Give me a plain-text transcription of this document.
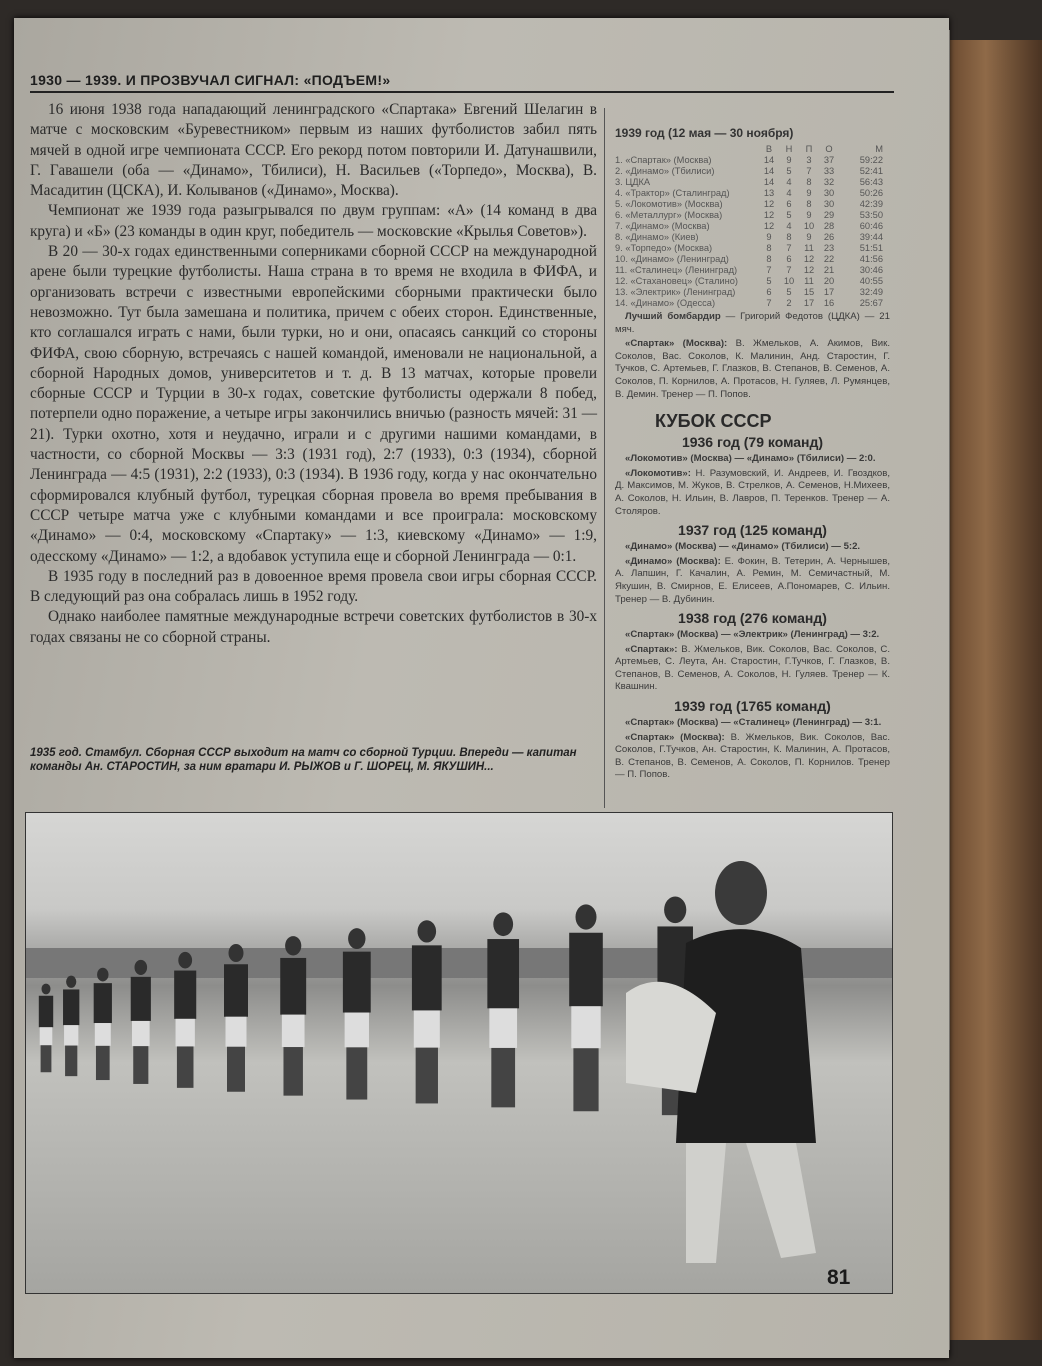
1930 — 1939. И ПРОЗВУЧАЛ СИГНАЛ: «ПОДЪЕМ!»

16 июня 1938 года нападающий ленинградского «Спартака» Евгений Шелагин в матче с московским «Буревестником» первым из наших футболистов забил пять мячей в одной игре чемпионата СССР. Его рекорд потом повторили И. Датунашвили, Г. Гавашели (оба — «Динамо», Тбилиси), Н. Васильев («Торпедо», Москва), В. Масадитин (ЦСКА), И. Колыванов («Динамо», Москва).

Чемпионат же 1939 года разыгрывался по двум группам: «А» (14 команд в два круга) и «Б» (23 команды в один круг, победитель — московские «Крылья Советов»).

В 20 — 30-х годах единственными соперниками сборной СССР на международной арене были турецкие футболисты. Наша страна в то время не входила в ФИФА, и организовать встречи с известными европейскими сборными практически было невозможно. Тут была замешана и политика, причем с обеих сторон. Единственные, кто соглашался играть с нами, были турки, но и они, опасаясь санкций со стороны ФИФА, свою сборную, встречаясь с нашей командой, именовали не национальной, а сборной Народных домов, университетов и т. д. В 13 матчах, которые провели сборные СССР и Турции в 30-х годах, советские футболисты одержали 8 побед, потерпели одно поражение, а четыре игры закончились вничью (разность мячей: 31 — 21). Турки охотно, хотя и неудачно, играли и с другими нашими командами, в частности, со сборной Москвы — 3:3 (1931 год), 2:7 (1933), 0:3 (1934), сборной Ленинграда — 4:5 (1931), 2:2 (1933), 0:3 (1934). В 1936 году, когда у нас окончательно сформировался клубный футбол, турецкая сборная провела во время пребывания в СССР четыре матча уже с клубными командами и все проиграла: московскому «Динамо» — 0:4, московскому «Спартаку» — 1:3, киевскому «Динамо» — 1:9, одесскому «Динамо» — 1:2, а вдобавок уступила еще и сборной Ленинграда — 0:1.

В 1935 году в последний раз в довоенное время провела свои игры сборная СССР. В следующий раз она собралась лишь в 1952 году.

Однако наиболее памятные международные встречи советских футболистов в 30-х годах связаны не со сборной страны.

1939 год (12 мая — 30 ноября)
	В	Н	П	О	М
1. «Спартак» (Москва)	14	9	3	37	59:22
2. «Динамо» (Тбилиси)	14	5	7	33	52:41
3. ЦДКА	14	4	8	32	56:43
4. «Трактор» (Сталинград)	13	4	9	30	50:26
5. «Локомотив» (Москва)	12	6	8	30	42:39
6. «Металлург» (Москва)	12	5	9	29	53:50
7. «Динамо» (Москва)	12	4	10	28	60:46
8. «Динамо» (Киев)	9	8	9	26	39:44
9. «Торпедо» (Москва)	8	7	11	23	51:51
10. «Динамо» (Ленинград)	8	6	12	22	41:56
11. «Сталинец» (Ленинград)	7	7	12	21	30:46
12. «Стахановец» (Сталино)	5	10	11	20	40:55
13. «Электрик» (Ленинград)	6	5	15	17	32:49
14. «Динамо» (Одесса)	7	2	17	16	25:67

Лучший бомбардир — Григорий Федотов (ЦДКА) — 21 мяч.

«Спартак» (Москва): В. Жмельков, А. Акимов, Вик. Соколов, Вас. Соколов, К. Малинин, Анд. Старостин, Г. Тучков, С. Артемьев, Г. Глазков, В. Степанов, В. Семенов, А. Соколов, П. Корнилов, А. Протасов, Н. Гуляев, Л. Румянцев, В. Демин. Тренер — П. Попов.

КУБОК СССР
1936 год (79 команд)

«Локомотив» (Москва) — «Динамо» (Тбилиси) — 2:0.

«Локомотив»: Н. Разумовский, И. Андреев, И. Гвоздков, Д. Максимов, М. Жуков, В. Стрелков, А. Семенов, Н.Михеев, А. Соколов, Н. Ильин, В. Лавров, П. Теренков. Тренер — А. Столяров.

1937 год (125 команд)

«Динамо» (Москва) — «Динамо» (Тбилиси) — 5:2.

«Динамо» (Москва): Е. Фокин, В. Тетерин, А. Чернышев, А. Лапшин, Г. Качалин, А. Ремин, М. Семичастный, М. Якушин, В. Смирнов, Е. Елисеев, А.Пономарев, С. Ильин. Тренер — В. Дубинин.

1938 год (276 команд)

«Спартак» (Москва) — «Электрик» (Ленинград) — 3:2.

«Спартак»: В. Жмельков, Вик. Соколов, Вас. Соколов, С. Артемьев, С. Леута, Ан. Старостин, Г.Тучков, Г. Глазков, В. Степанов, В. Семенов, А. Соколов, Н. Гуляев. Тренер — К. Квашнин.

1939 год (1765 команд)

«Спартак» (Москва) — «Сталинец» (Ленинград) — 3:1.

«Спартак» (Москва): В. Жмельков, Вик. Соколов, Вас. Соколов, Г.Тучков, Ан. Старостин, К. Малинин, А. Протасов, В. Степанов, В. Семенов, А. Соколов, П. Корнилов. Тренер — П. Попов.

1935 год. Стамбул. Сборная СССР выходит на матч со сборной Турции. Впереди — капитан команды Ан. СТАРОСТИН, за ним вратари И. РЫЖОВ и Г. ШОРЕЦ, М. ЯКУШИН...
81
